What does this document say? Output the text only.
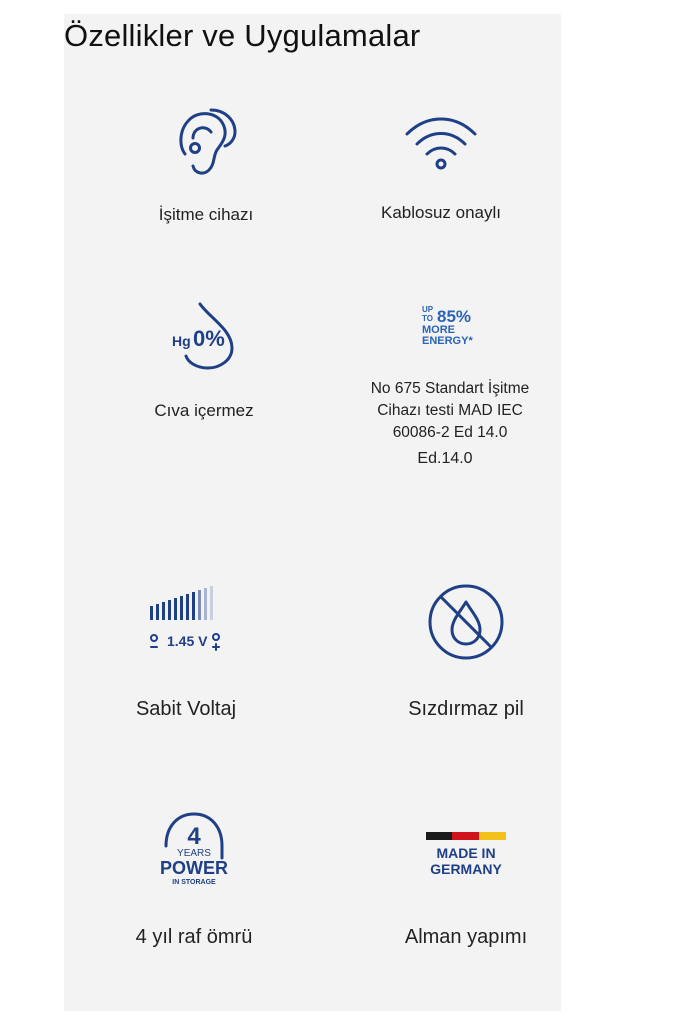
Özellikler ve Uygulamalar
İşitme cihazı	Kablosuz onaylı
Hg 0%
Cıva içermez
UP
TO 85%
MORE
ENERGY*
No 675 Standart İşitme
Cihazı testi MAD IEC
60086-2 Ed 14.0
Ed.14.0
1.45 V
Sabit Voltaj	Sızdırmaz pil
4
YEARS
POWER
IN STORAGE
4 yıl raf ömrü
MADE IN
GERMANY
Alman yapımı
